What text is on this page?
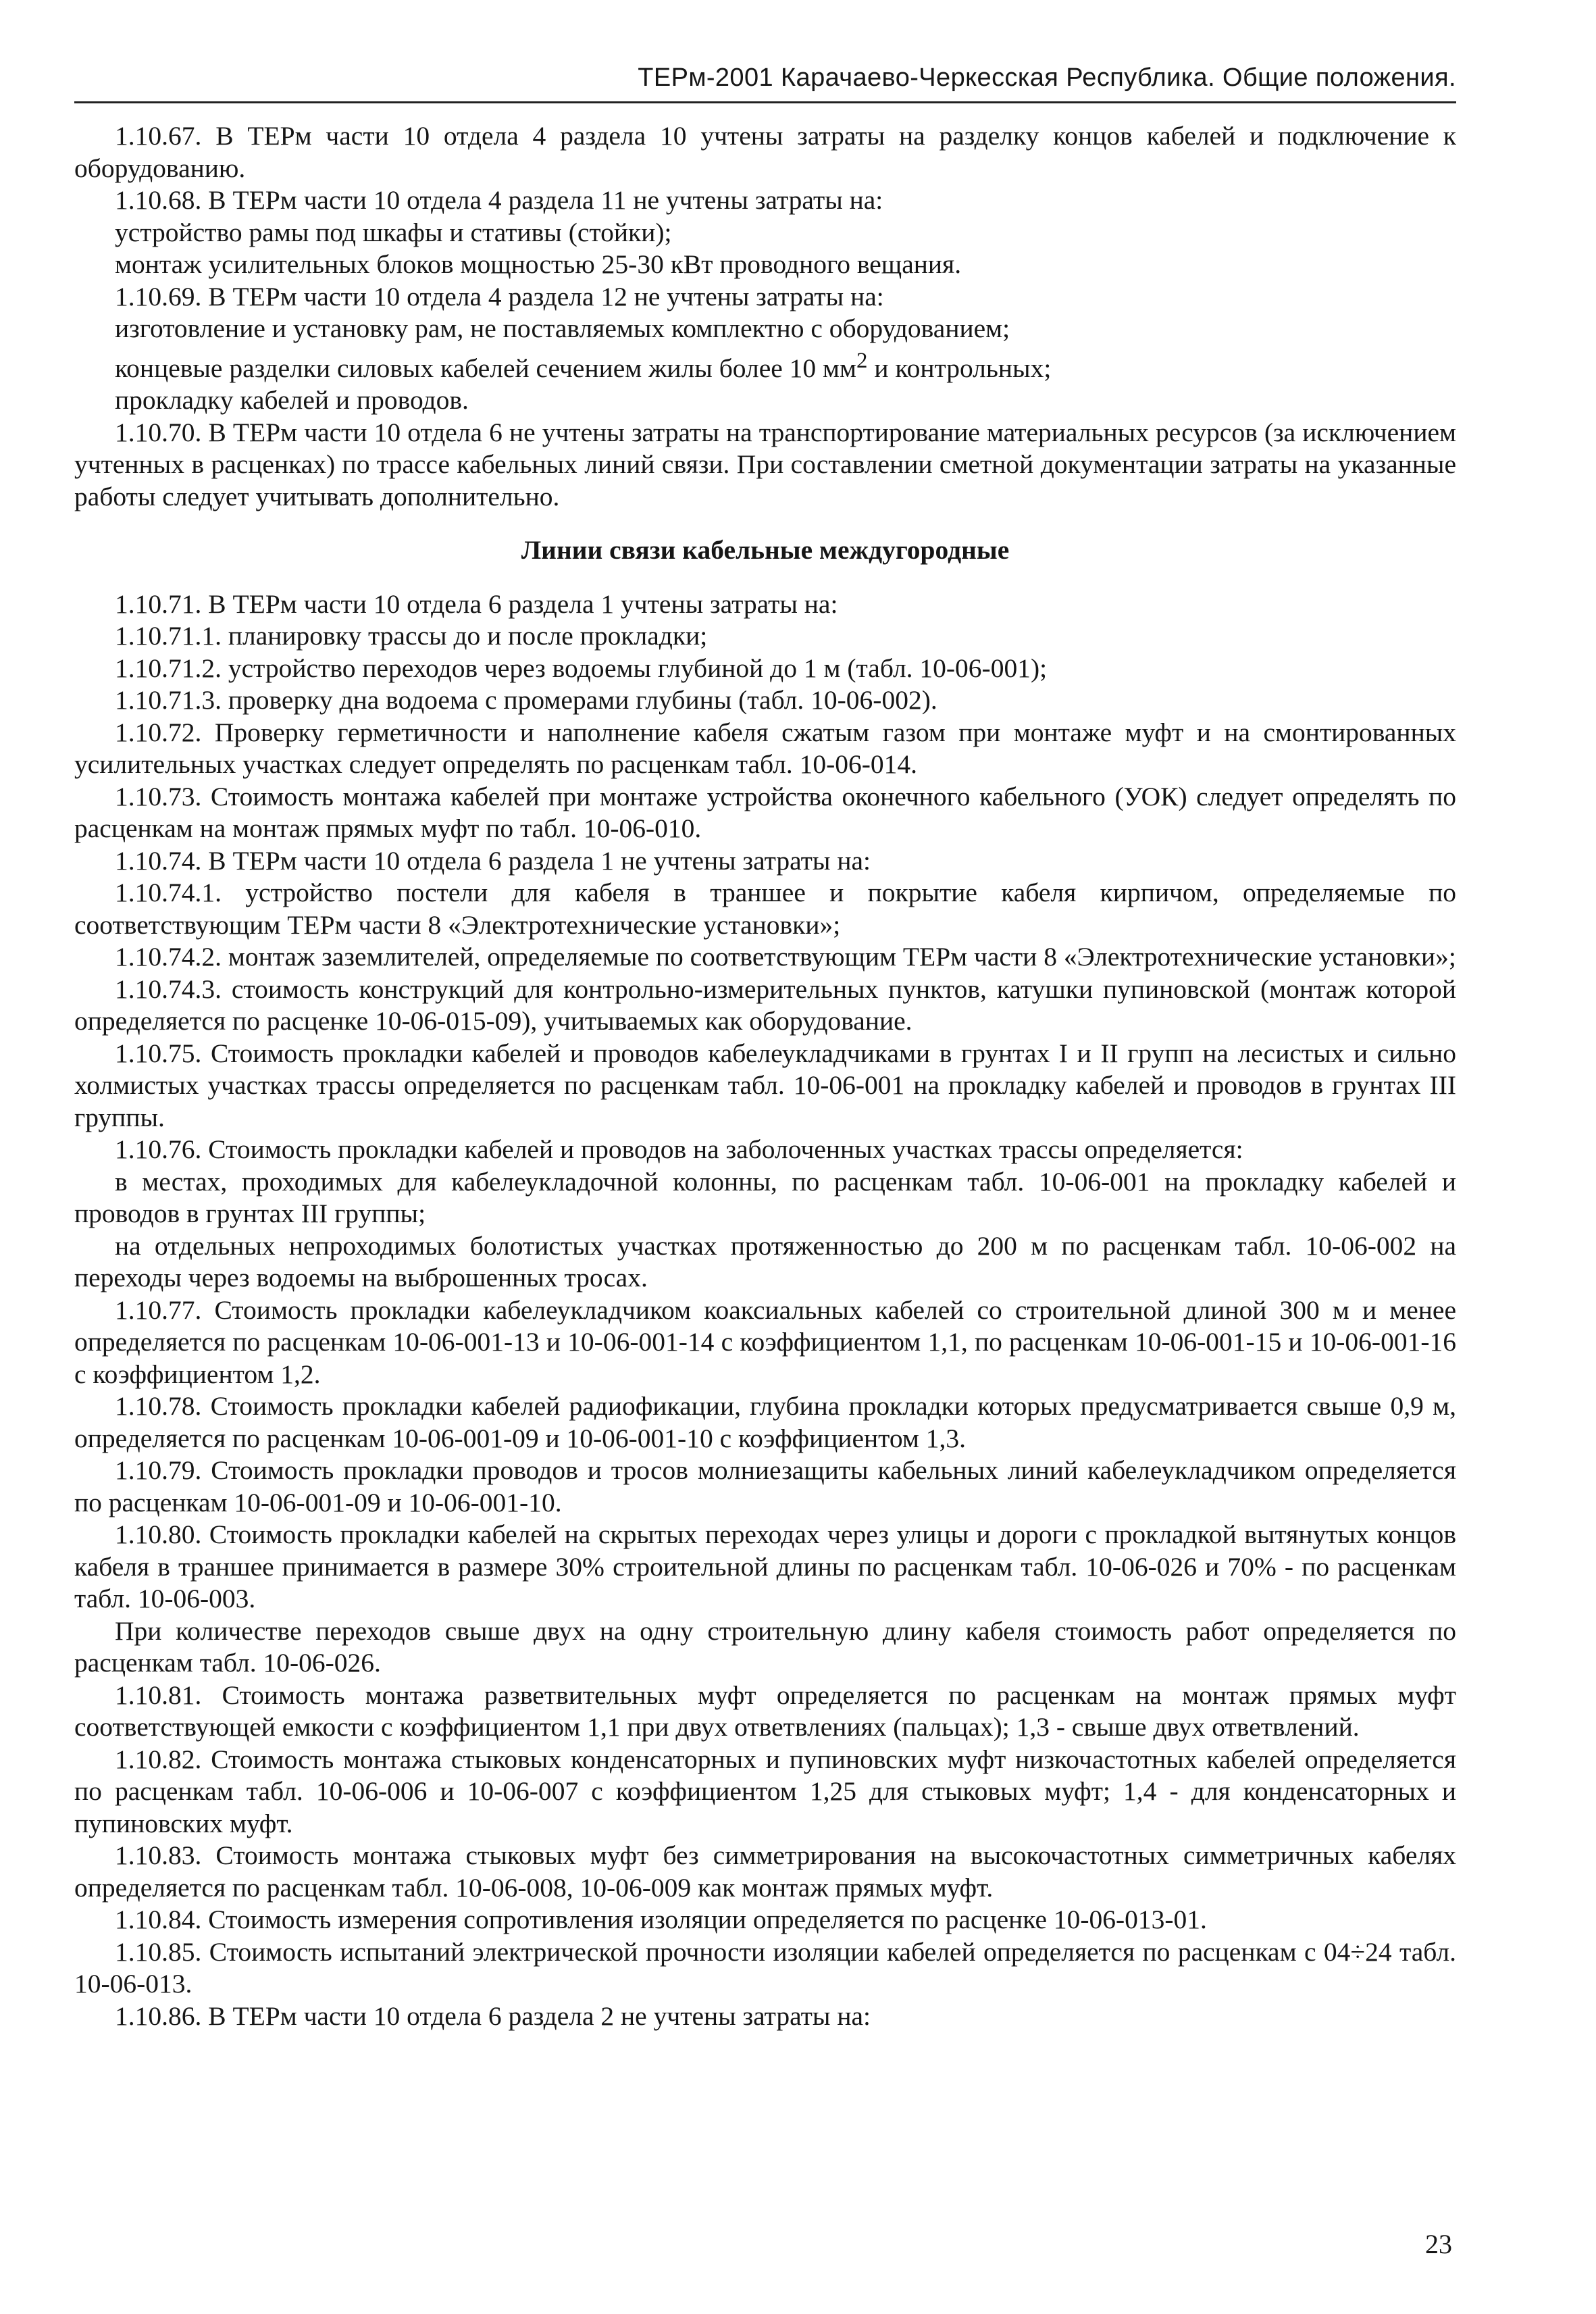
ТЕРм-2001 Карачаево-Черкесская Республика. Общие положения.

1.10.67. В ТЕРм части 10 отдела 4 раздела 10 учтены затраты на разделку концов кабелей и подключение к оборудованию.

1.10.68. В ТЕРм части 10 отдела 4 раздела 11 не учтены затраты на:

устройство рамы под шкафы и стативы (стойки);

монтаж усилительных блоков мощностью 25-30 кВт проводного вещания.

1.10.69. В ТЕРм части 10 отдела 4 раздела 12 не учтены затраты на:

изготовление и установку рам, не поставляемых комплектно с оборудованием;

концевые разделки силовых кабелей сечением жилы более 10 $мм^2$ и контрольных;

прокладку кабелей и проводов.

1.10.70. В ТЕРм части 10 отдела 6 не учтены затраты на транспортирование материальных ресурсов (за исключением учтенных в расценках) по трассе кабельных линий связи. При составлении сметной документации затраты на указанные работы следует учитывать дополнительно.

Линии связи кабельные междугородные

1.10.71. В ТЕРм части 10 отдела 6 раздела 1 учтены затраты на:

1.10.71.1. планировку трассы до и после прокладки;

1.10.71.2. устройство переходов через водоемы глубиной до 1 м (табл. 10-06-001);

1.10.71.3. проверку дна водоема с промерами глубины (табл. 10-06-002).

1.10.72. Проверку герметичности и наполнение кабеля сжатым газом при монтаже муфт и на смонтированных усилительных участках следует определять по расценкам табл. 10-06-014.

1.10.73. Стоимость монтажа кабелей при монтаже устройства оконечного кабельного (УОК) следует определять по расценкам на монтаж прямых муфт по табл. 10-06-010.

1.10.74. В ТЕРм части 10 отдела 6 раздела 1 не учтены затраты на:

1.10.74.1. устройство постели для кабеля в траншее и покрытие кабеля кирпичом, определяемые по соответствующим ТЕРм части 8 «Электротехнические установки»;

1.10.74.2. монтаж заземлителей, определяемые по соответствующим ТЕРм части 8 «Электротехнические установки»;

1.10.74.3. стоимость конструкций для контрольно-измерительных пунктов, катушки пупиновской (монтаж которой определяется по расценке 10-06-015-09), учитываемых как оборудование.

1.10.75. Стоимость прокладки кабелей и проводов кабелеукладчиками в грунтах I и II групп на лесистых и сильно холмистых участках трассы определяется по расценкам табл. 10-06-001 на прокладку кабелей и проводов в грунтах III группы.

1.10.76. Стоимость прокладки кабелей и проводов на заболоченных участках трассы определяется:

в местах, проходимых для кабелеукладочной колонны, по расценкам табл. 10-06-001 на прокладку кабелей и проводов в грунтах III группы;

на отдельных непроходимых болотистых участках протяженностью до 200 м по расценкам табл. 10-06-002 на переходы через водоемы на выброшенных тросах.

1.10.77. Стоимость прокладки кабелеукладчиком коаксиальных кабелей со строительной длиной 300 м и менее определяется по расценкам 10-06-001-13 и 10-06-001-14 с коэффициентом 1,1, по расценкам 10-06-001-15 и 10-06-001-16 с коэффициентом 1,2.

1.10.78. Стоимость прокладки кабелей радиофикации, глубина прокладки которых предусматривается свыше 0,9 м, определяется по расценкам 10-06-001-09 и 10-06-001-10 с коэффициентом 1,3.

1.10.79. Стоимость прокладки проводов и тросов молниезащиты кабельных линий кабелеукладчиком определяется по расценкам 10-06-001-09 и 10-06-001-10.

1.10.80. Стоимость прокладки кабелей на скрытых переходах через улицы и дороги с прокладкой вытянутых концов кабеля в траншее принимается в размере 30% строительной длины по расценкам табл. 10-06-026 и 70% - по расценкам табл. 10-06-003.

При количестве переходов свыше двух на одну строительную длину кабеля стоимость работ определяется по расценкам табл. 10-06-026.

1.10.81. Стоимость монтажа разветвительных муфт определяется по расценкам на монтаж прямых муфт соответствующей емкости с коэффициентом 1,1 при двух ответвлениях (пальцах); 1,3 - свыше двух ответвлений.

1.10.82. Стоимость монтажа стыковых конденсаторных и пупиновских муфт низкочастотных кабелей определяется по расценкам табл. 10-06-006 и 10-06-007 с коэффициентом 1,25 для стыковых муфт; 1,4 - для конденсаторных и пупиновских муфт.

1.10.83. Стоимость монтажа стыковых муфт без симметрирования на высокочастотных симметричных кабелях определяется по расценкам табл. 10-06-008, 10-06-009 как монтаж прямых муфт.

1.10.84. Стоимость измерения сопротивления изоляции определяется по расценке 10-06-013-01.

1.10.85. Стоимость испытаний электрической прочности изоляции кабелей определяется по расценкам с 04÷24 табл. 10-06-013.

1.10.86. В ТЕРм части 10 отдела 6 раздела 2 не учтены затраты на:

23
